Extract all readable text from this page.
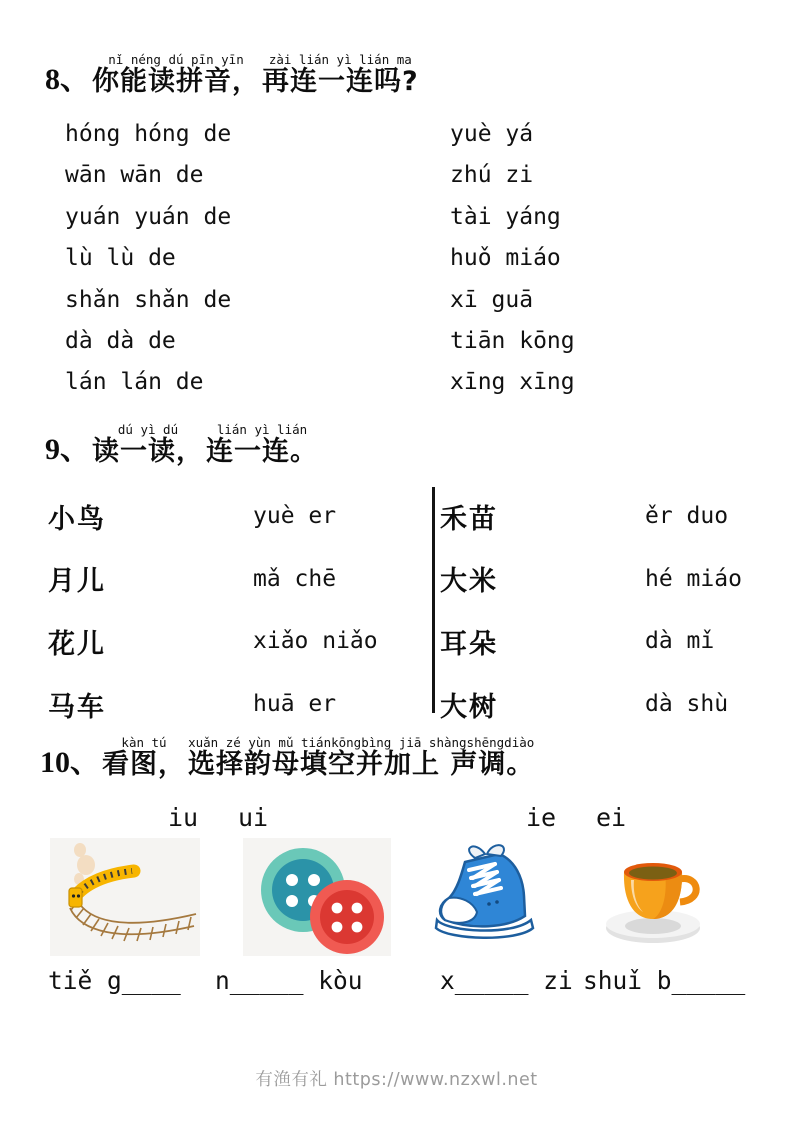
8、
nǐ néng dú pīn yīn
你能读拼音，
zài lián yì lián ma
再连一连吗?
hóng hóng de
wān wān de
yuán yuán de
lù lù de
shǎn shǎn de
dà dà de
lán lán de
yuè yá
zhú zi
tài yáng
huǒ miáo
xī guā
tiān kōng
xīng xīng
9、
dú yì dú
读一读，
lián yì lián
连一连。
小鸟	yuè er
月儿	mǎ chē
花儿	xiǎo niǎo
马车	huā er
禾苗	ěr duo
大米	hé miáo
耳朵	dà mǐ
大树	dà shù
10、
kàn tú
看图，
xuǎn zé yùn mǔ tiánkōngbìng jiā shàngshēngdiào
选择韵母填空并加上 声调。
iu ui	ie ei
tiě g____ n_____ kòu	x_____ zi shuǐ b_____
有渔有礼 https://www.nzxwl.net
